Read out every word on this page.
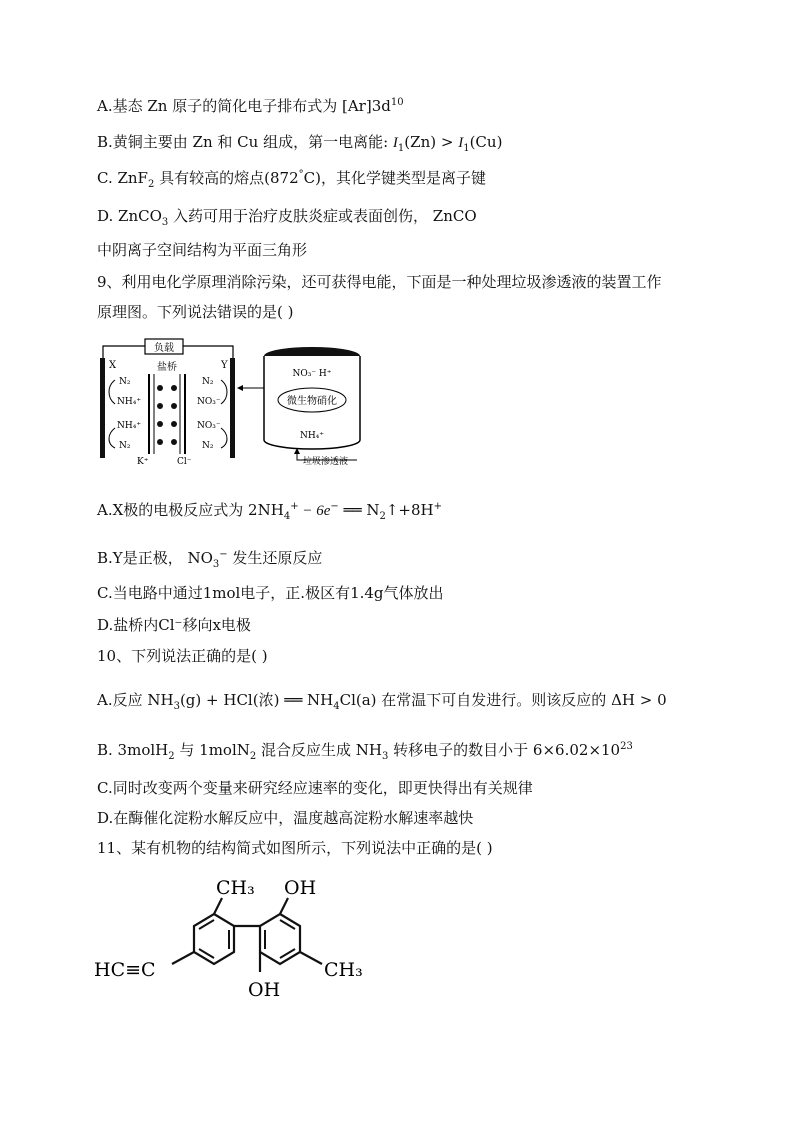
A.基态 Zn 原子的简化电子排布式为 $[Ar]3d^{10}$
B.黄铜主要由 Zn 和 Cu 组成，第一电离能: $I_1(Zn) > I_1(Cu)$
C. ZnF$_2$ 具有较高的熔点(872°C)，其化学键类型是离子键
D. ZnCO$_3$ 入药可用于治疗皮肤炎症或表面创伤， ZnCO
中阴离子空间结构为平面三角形
9、利用电化学原理消除污染，还可获得电能，下面是一种处理垃圾渗透液的装置工作
原理图。下列说法错误的是( )
负载
X	Y
盐桥
N₂
NH₄⁺
NH₄⁺
N₂
N₂
NO₃⁻
NO₃⁻
N₂
K⁺	Cl⁻
NO₃⁻ H⁺
微生物硝化
NH₄⁺
垃圾渗透液
A.X极的电极反应式为 $2NH_4^+ - 6e^-$ ══ $N_2↑+8H^+$
B.Y是正极， $NO_3^-$ 发生还原反应
C.当电路中通过1mol电子，正.极区有1.4g气体放出
D.盐桥内Cl⁻移向x电极
10、下列说法正确的是( )
A.反应 $NH_3(g) + HCl$(浓) ══ $NH_4Cl(a)$ 在常温下可自发进行。则该反应的 ΔH > 0
B. 3molH$_2$ 与 1molN$_2$ 混合反应生成 $NH_3$ 转移电子的数目小于 $6\times 6.02\times 10^{23}$
C.同时改变两个变量来研究经应速率的变化，即更快得出有关规律
D.在酶催化淀粉水解反应中，温度越高淀粉水解速率越快
11、某有机物的结构简式如图所示，下列说法中正确的是( )
CH₃ OH
HC≡C	CH₃
OH
